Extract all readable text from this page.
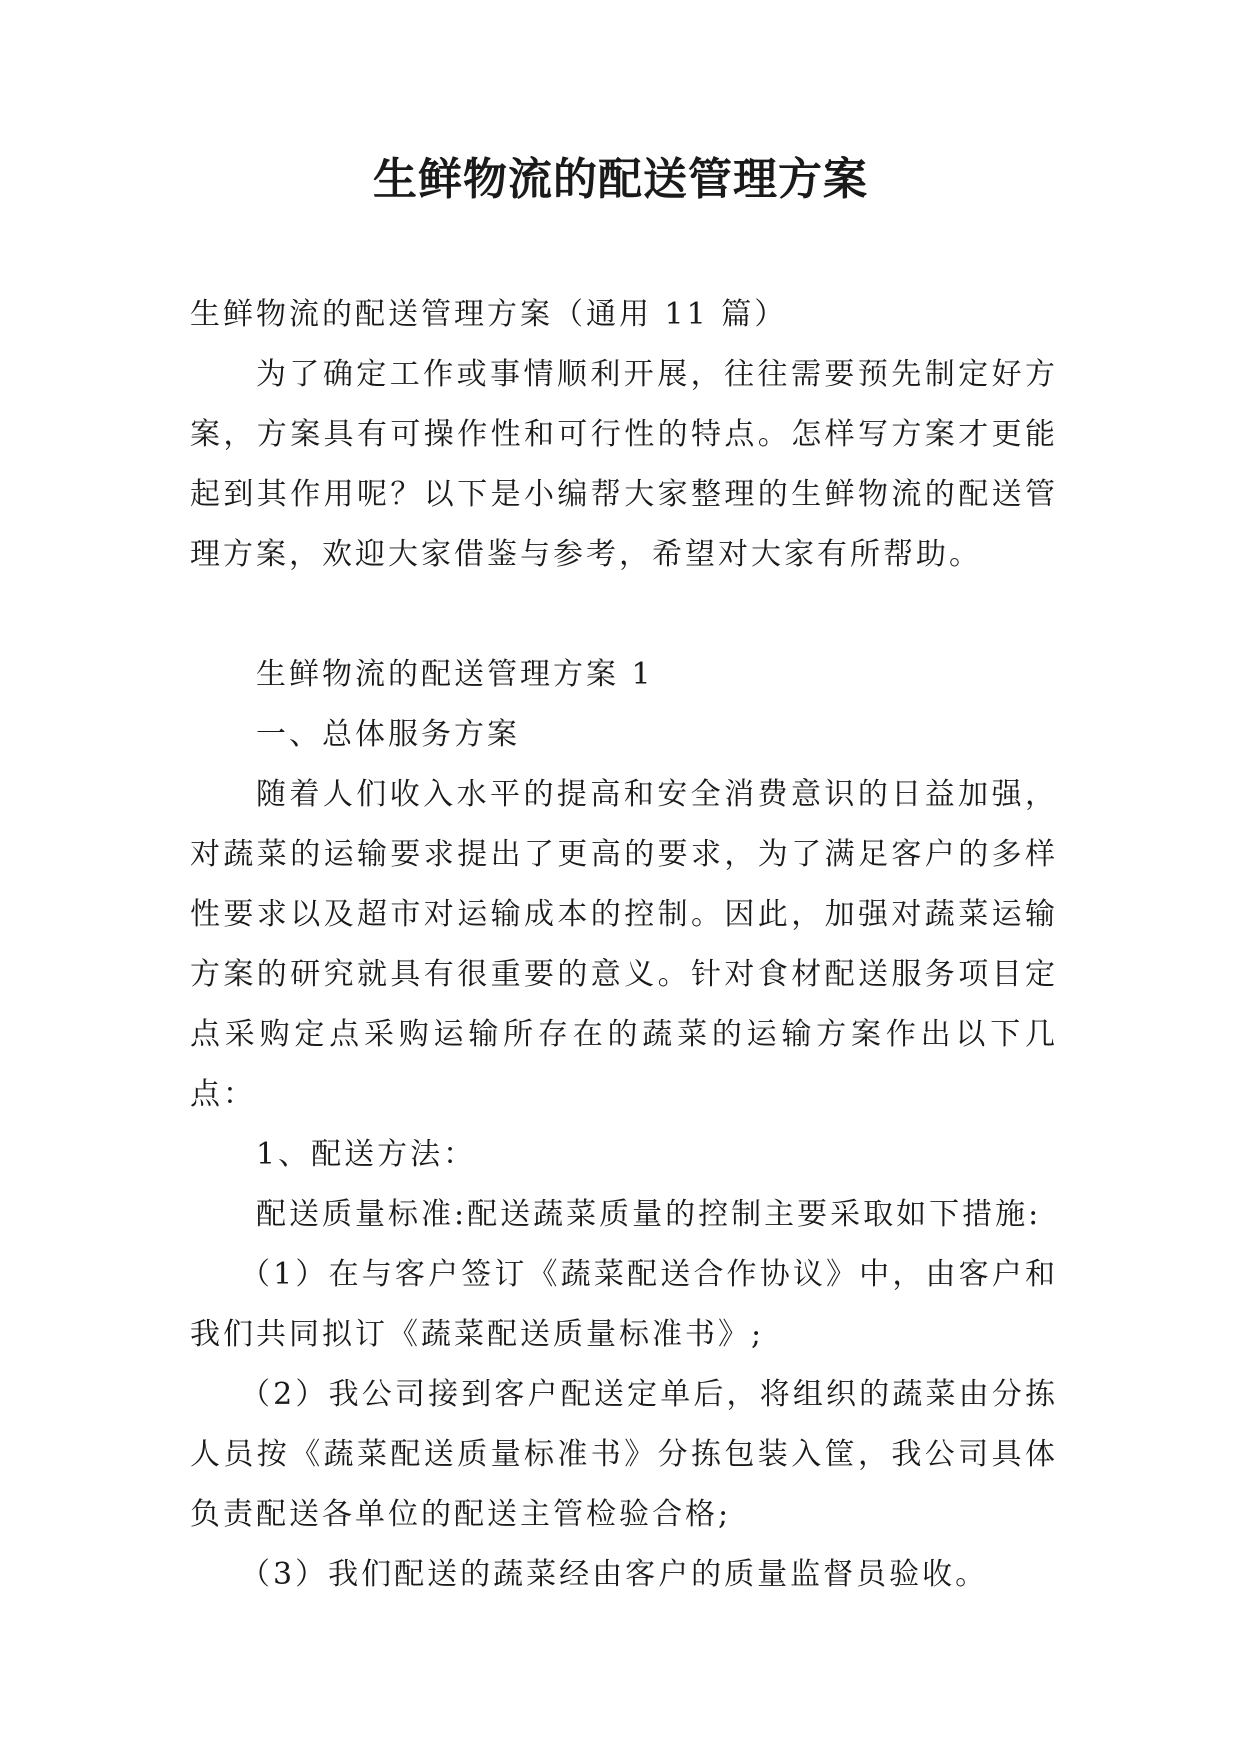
生鲜物流的配送管理方案

生鲜物流的配送管理方案（通用 11 篇）

为了确定工作或事情顺利开展，往往需要预先制定好方案，方案具有可操作性和可行性的特点。怎样写方案才更能起到其作用呢？以下是小编帮大家整理的生鲜物流的配送管理方案，欢迎大家借鉴与参考，希望对大家有所帮助。

生鲜物流的配送管理方案 1

一、总体服务方案

随着人们收入水平的提高和安全消费意识的日益加强，对蔬菜的运输要求提出了更高的要求，为了满足客户的多样性要求以及超市对运输成本的控制。因此，加强对蔬菜运输方案的研究就具有很重要的意义。针对食材配送服务项目定点采购定点采购运输所存在的蔬菜的运输方案作出以下几点：

1、配送方法：

配送质量标准:配送蔬菜质量的控制主要采取如下措施:

（1）在与客户签订《蔬菜配送合作协议》中，由客户和我们共同拟订《蔬菜配送质量标准书》;

（2）我公司接到客户配送定单后，将组织的蔬菜由分拣人员按《蔬菜配送质量标准书》分拣包装入筐，我公司具体负责配送各单位的配送主管检验合格;

（3）我们配送的蔬菜经由客户的质量监督员验收。
